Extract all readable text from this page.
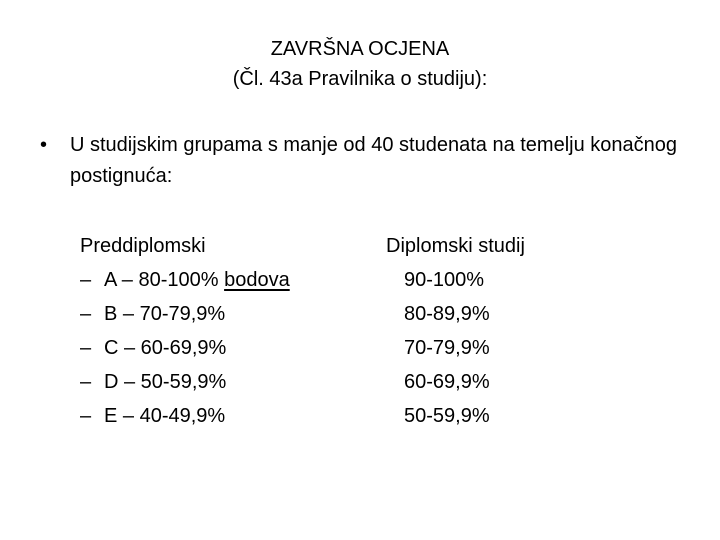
ZAVRŠNA OCJENA
(Čl. 43a Pravilnika o studiju):
•	U studijskim grupama s manje od 40 studenata na temelju konačnog postignuća:
Preddiplomski
– A – 80-100% bodova
– B – 70-79,9%
– C – 60-69,9%
– D – 50-59,9%
– E – 40-49,9%
Diplomski studij
90-100%
80-89,9%
70-79,9%
60-69,9%
50-59,9%
